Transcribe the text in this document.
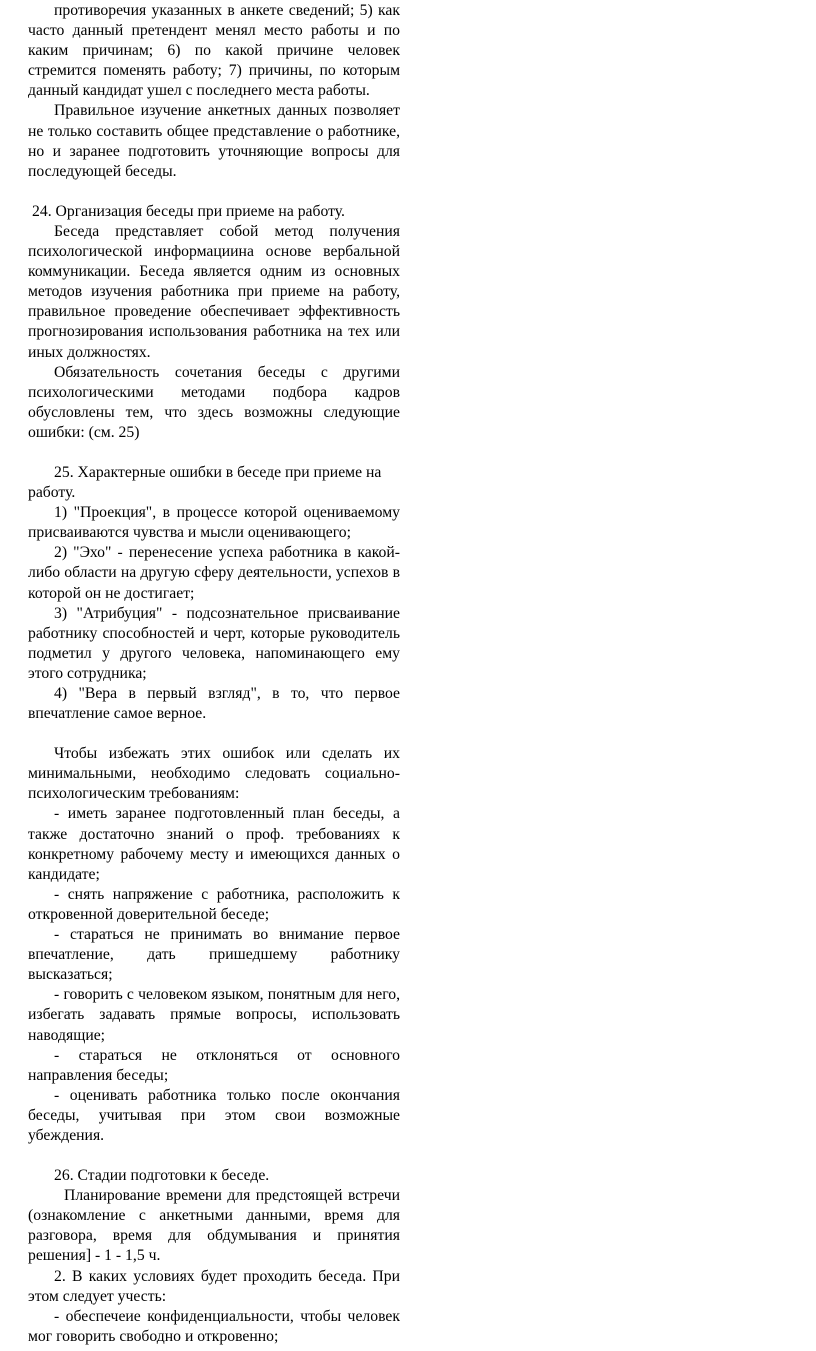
противоречия указанных в анкете сведений; 5) как часто данный претендент менял место работы и по каким причинам; 6) по какой причине человек стремится поменять работу; 7) причины, по которым данный кандидат ушел с последнего места работы.

Правильное изучение анкетных данных позволяет не только составить общее представление о работнике, но и заранее подготовить уточняющие вопросы для последующей беседы.

24. Организация беседы при приеме на работу.

Беседа представляет собой метод получения психологической информациина основе вербальной коммуникации. Беседа является одним из основных методов изучения работника при приеме на работу, правильное проведение обеспечивает эффективность прогнозирования использования работника на тех или иных должностях.

Обязательность сочетания беседы с другими психологическими методами подбора кадров обусловлены тем, что здесь возможны следующие ошибки: (см. 25)

25. Характерные ошибки в беседе при приеме на работу.

1) "Проекция", в процессе которой оцениваемому присваиваются чувства и мысли оценивающего;

2) "Эхо" - перенесение успеха работника в какой-либо области на другую сферу деятельности, успехов в которой он не достигает;

3) "Атрибуция" - подсознательное присваивание работнику способностей и черт, которые руководитель подметил у другого человека, напоминающего ему этого сотрудника;

4) "Вера в первый взгляд", в то, что первое впечатление самое верное.

Чтобы избежать этих ошибок или сделать их минимальными, необходимо следовать социально-психологическим требованиям:

- иметь заранее подготовленный план беседы, а также достаточно знаний о проф. требованиях к конкретному рабочему месту и имеющихся данных о кандидате;

- снять напряжение с работника, расположить к откровенной доверительной беседе;

- стараться не принимать во внимание первое впечатление, дать пришедшему работнику высказаться;

- говорить с человеком языком, понятным для него, избегать задавать прямые вопросы, использовать наводящие;

- стараться не отклоняться от основного направления беседы;

- оценивать работника только после окончания беседы, учитывая при этом свои возможные убеждения.

26. Стадии подготовки к беседе.

Планирование времени для предстоящей встречи (ознакомление с анкетными данными, время для разговора, время для обдумывания и принятия решения] - 1 - 1,5 ч.

2. В каких условиях будет проходить беседа. При этом следует учесть:

- обеспечеие конфиденциальности, чтобы человек мог говорить свободно и откровенно;
